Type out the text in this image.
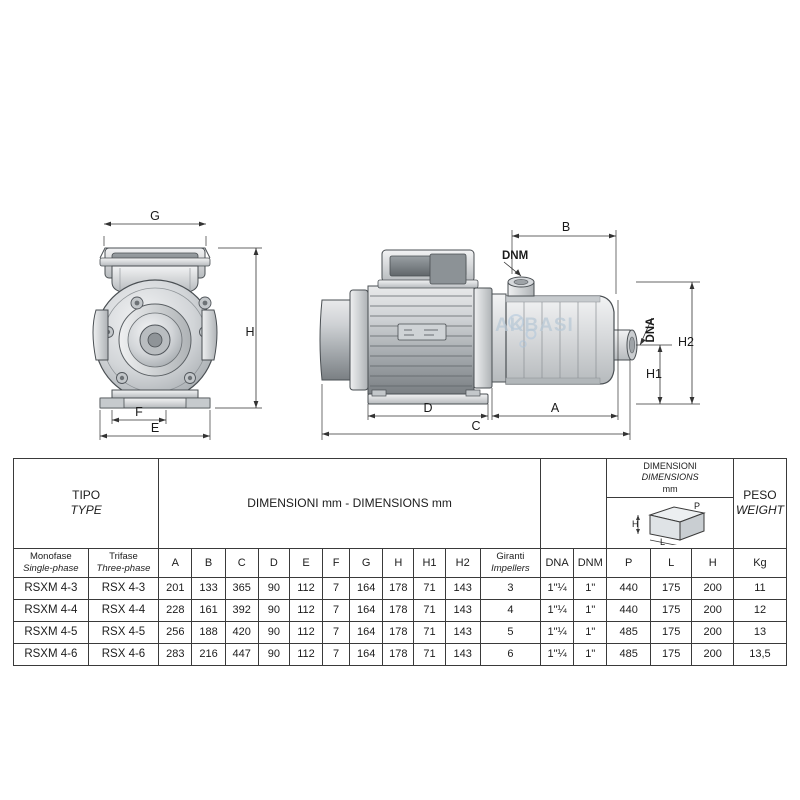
G
H
F
E
DNM
DNA
B
H2
H1
D	A
C
AKBASI
TIPO
TYPE
	DIMENSIONI mm - DIMENSIONS mm		
DIMENSIONI
DIMENSIONS
mm	PESO
WEIGHT

H
L
P			

Monofase
Single-phase

Trifase
Three-phase	A	B	C	D	E	F	G	H	H1	H2	
Giranti
Impellers	DNA	DNM	P	L	H	Kg
RSXM 4-3	RSX 4-3	201	133	365	90	112	7	164	178	71	143	3	1"¼	1"	440	175	200	11
RSXM 4-4	RSX 4-4	228	161	392	90	112	7	164	178	71	143	4	1"¼	1"	440	175	200	12
RSXM 4-5	RSX 4-5	256	188	420	90	112	7	164	178	71	143	5	1"¼	1"	485	175	200	13
RSXM 4-6	RSX 4-6	283	216	447	90	112	7	164	178	71	143	6	1"¼	1"	485	175	200	13,5
